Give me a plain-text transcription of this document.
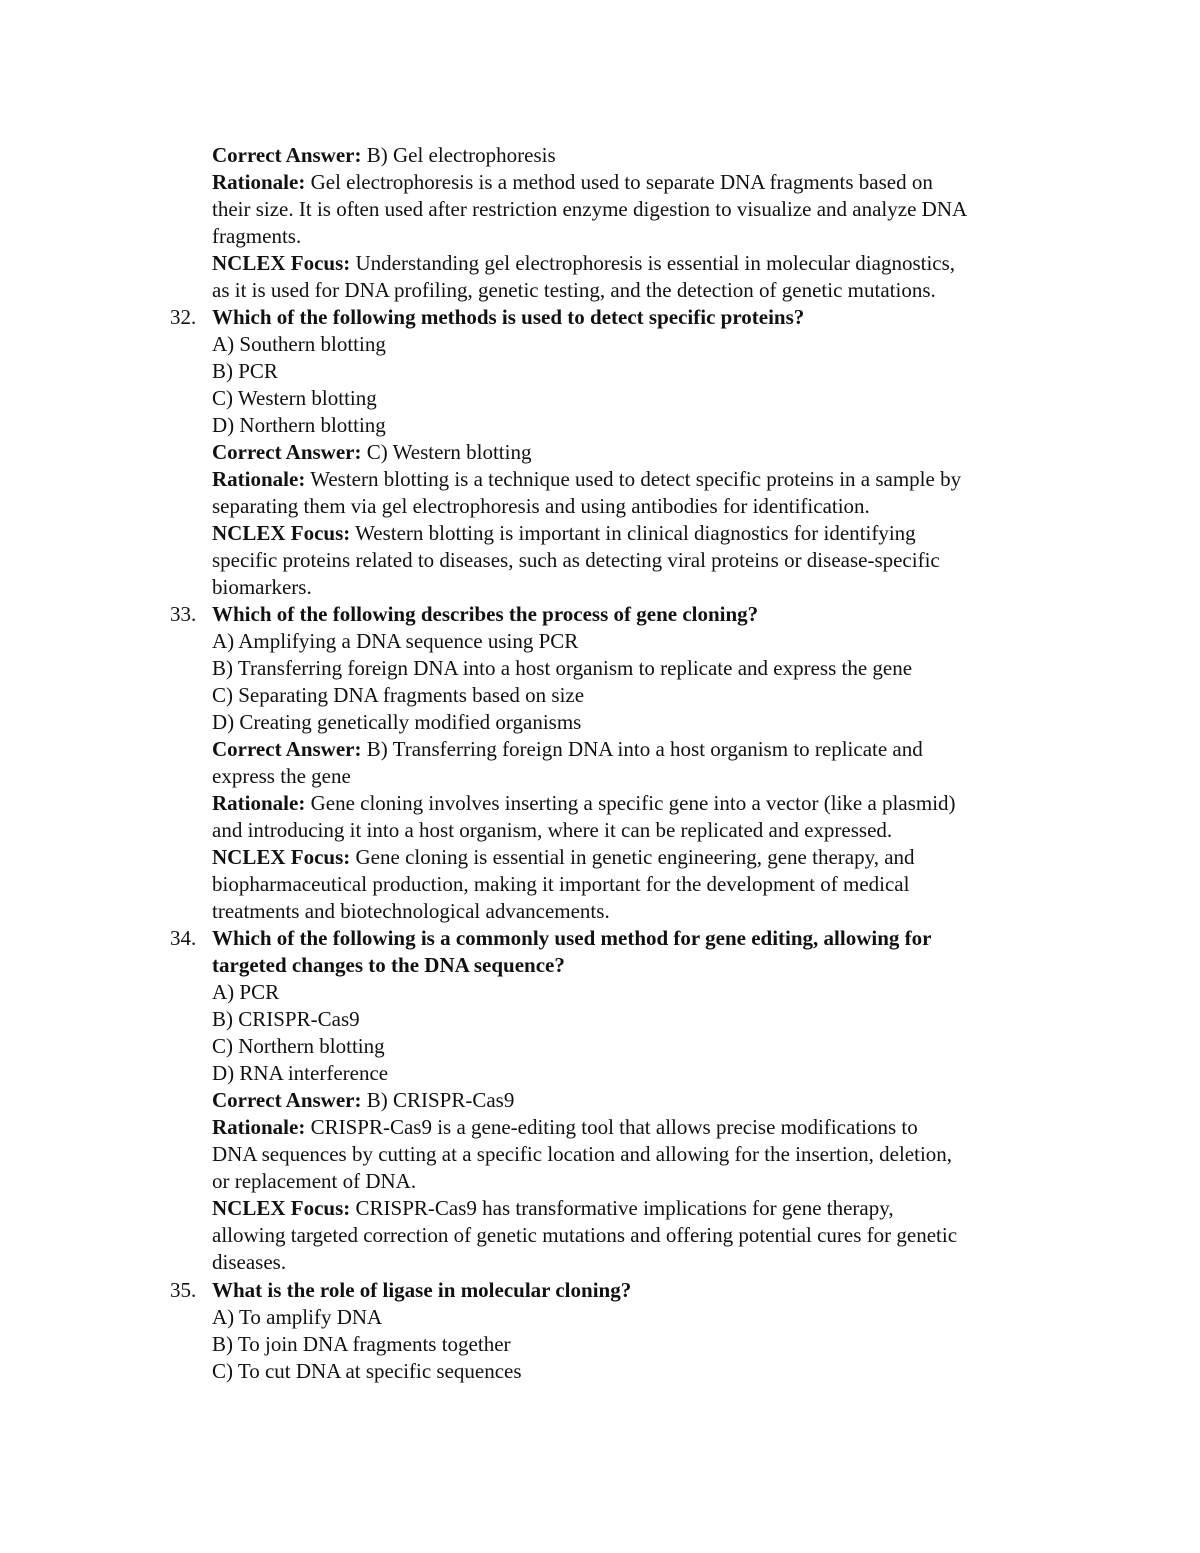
Correct Answer: B) Gel electrophoresis
Rationale: Gel electrophoresis is a method used to separate DNA fragments based on
their size. It is often used after restriction enzyme digestion to visualize and analyze DNA
fragments.
NCLEX Focus: Understanding gel electrophoresis is essential in molecular diagnostics,
as it is used for DNA profiling, genetic testing, and the detection of genetic mutations.
32. Which of the following methods is used to detect specific proteins?
A) Southern blotting
B) PCR
C) Western blotting
D) Northern blotting
Correct Answer: C) Western blotting
Rationale: Western blotting is a technique used to detect specific proteins in a sample by
separating them via gel electrophoresis and using antibodies for identification.
NCLEX Focus: Western blotting is important in clinical diagnostics for identifying
specific proteins related to diseases, such as detecting viral proteins or disease-specific
biomarkers.
33. Which of the following describes the process of gene cloning?
A) Amplifying a DNA sequence using PCR
B) Transferring foreign DNA into a host organism to replicate and express the gene
C) Separating DNA fragments based on size
D) Creating genetically modified organisms
Correct Answer: B) Transferring foreign DNA into a host organism to replicate and
express the gene
Rationale: Gene cloning involves inserting a specific gene into a vector (like a plasmid)
and introducing it into a host organism, where it can be replicated and expressed.
NCLEX Focus: Gene cloning is essential in genetic engineering, gene therapy, and
biopharmaceutical production, making it important for the development of medical
treatments and biotechnological advancements.
34. Which of the following is a commonly used method for gene editing, allowing for
targeted changes to the DNA sequence?
A) PCR
B) CRISPR-Cas9
C) Northern blotting
D) RNA interference
Correct Answer: B) CRISPR-Cas9
Rationale: CRISPR-Cas9 is a gene-editing tool that allows precise modifications to
DNA sequences by cutting at a specific location and allowing for the insertion, deletion,
or replacement of DNA.
NCLEX Focus: CRISPR-Cas9 has transformative implications for gene therapy,
allowing targeted correction of genetic mutations and offering potential cures for genetic
diseases.
35. What is the role of ligase in molecular cloning?
A) To amplify DNA
B) To join DNA fragments together
C) To cut DNA at specific sequences
